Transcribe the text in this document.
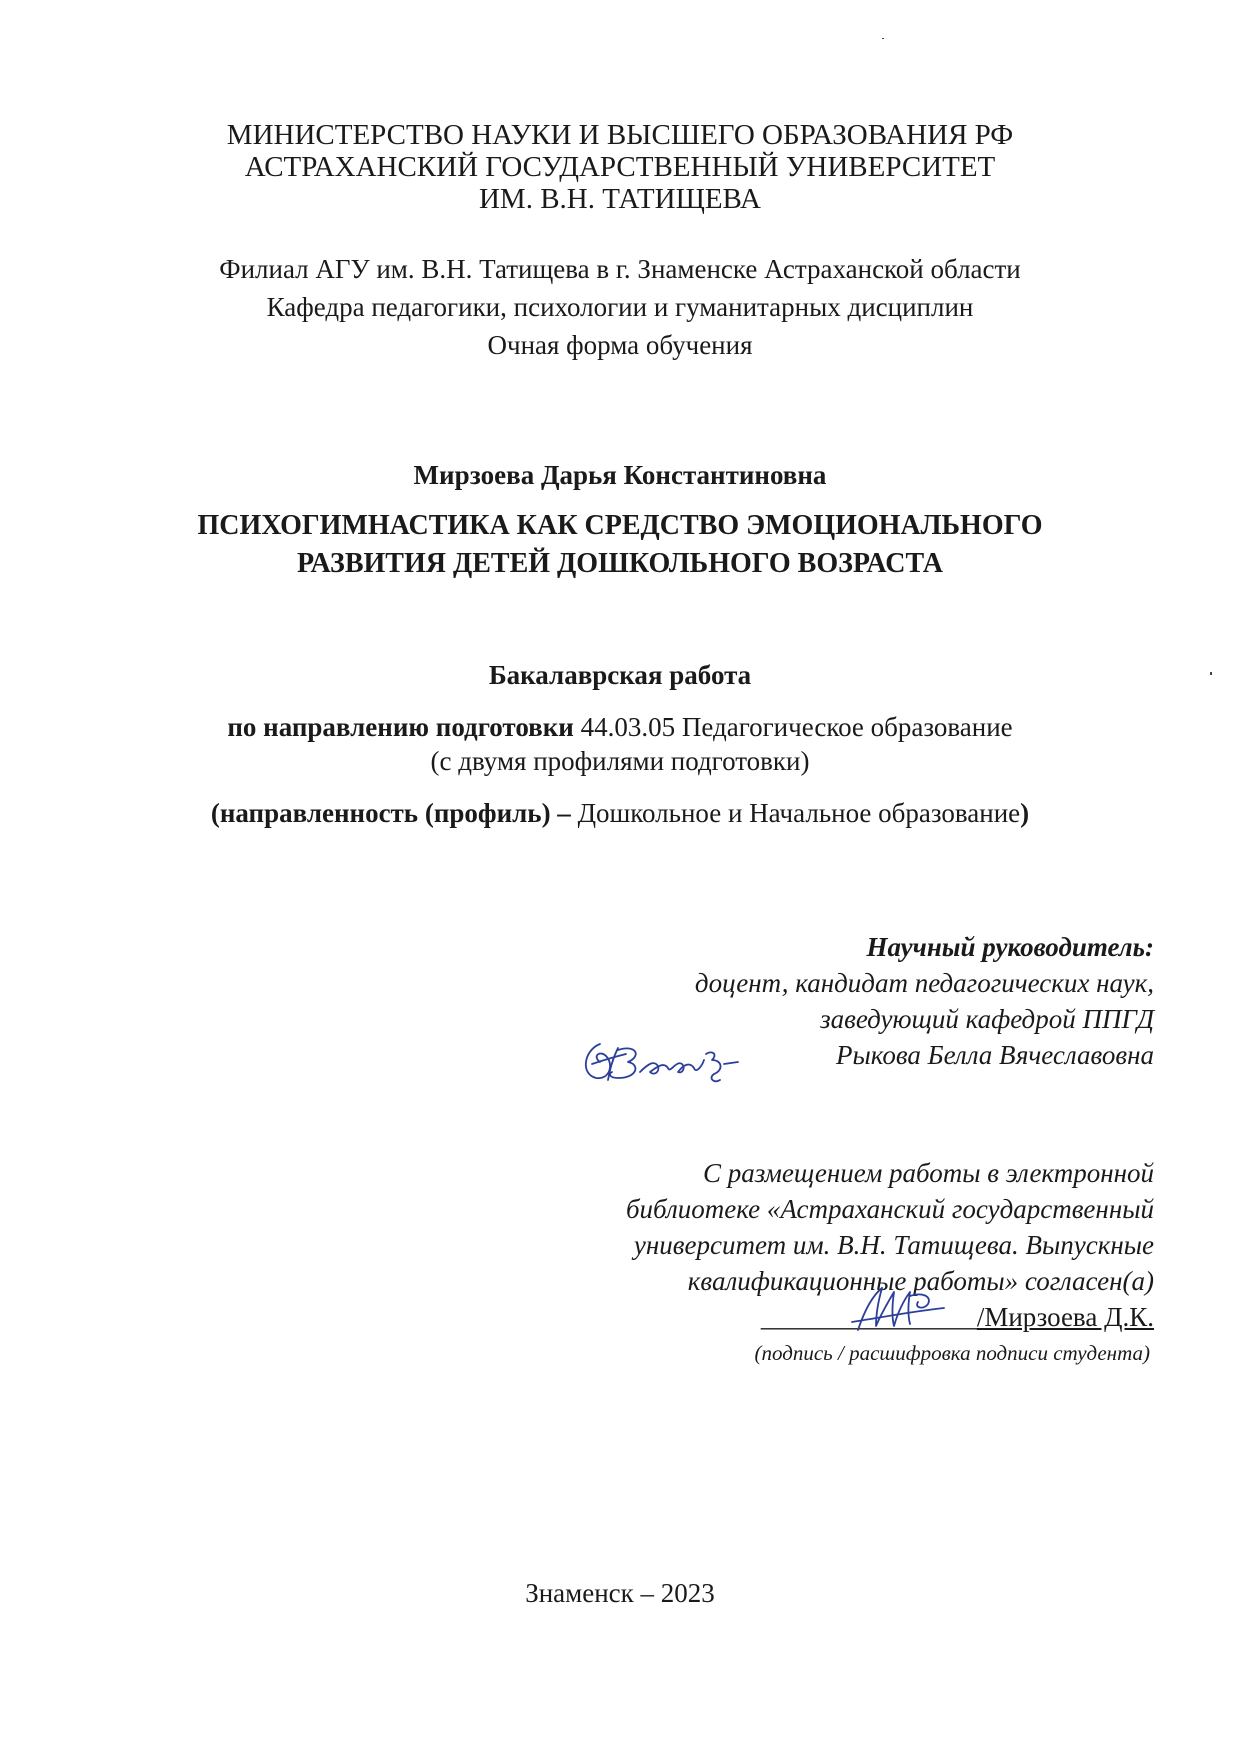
МИНИСТЕРСТВО НАУКИ И ВЫСШЕГО ОБРАЗОВАНИЯ РФ

АСТРАХАНСКИЙ ГОСУДАРСТВЕННЫЙ УНИВЕРСИТЕТ

ИМ. В.Н. ТАТИЩЕВА

Филиал АГУ им. В.Н. Татищева в г. Знаменске Астраханской области

Кафедра педагогики, психологии и гуманитарных дисциплин

Очная форма обучения

Мирзоева Дарья Константиновна

ПСИХОГИМНАСТИКА КАК СРЕДСТВО ЭМОЦИОНАЛЬНОГО

РАЗВИТИЯ ДЕТЕЙ ДОШКОЛЬНОГО ВОЗРАСТА

Бакалаврская работа

по направлению подготовки 44.03.05 Педагогическое образование

(с двумя профилями подготовки)

(направленность (профиль) – Дошкольное и Начальное образование)

Научный руководитель:

доцент, кандидат педагогических наук,

заведующий кафедрой ППГД

Рыкова Белла Вячеславовна

С размещением работы в электронной

библиотеке «Астраханский государственный

университет им. В.Н. Татищева. Выпускные

квалификационные работы» согласен(а)

________________/Мирзоева Д.К.

(подпись / расшифровка подписи студента)

Знаменск – 2023
